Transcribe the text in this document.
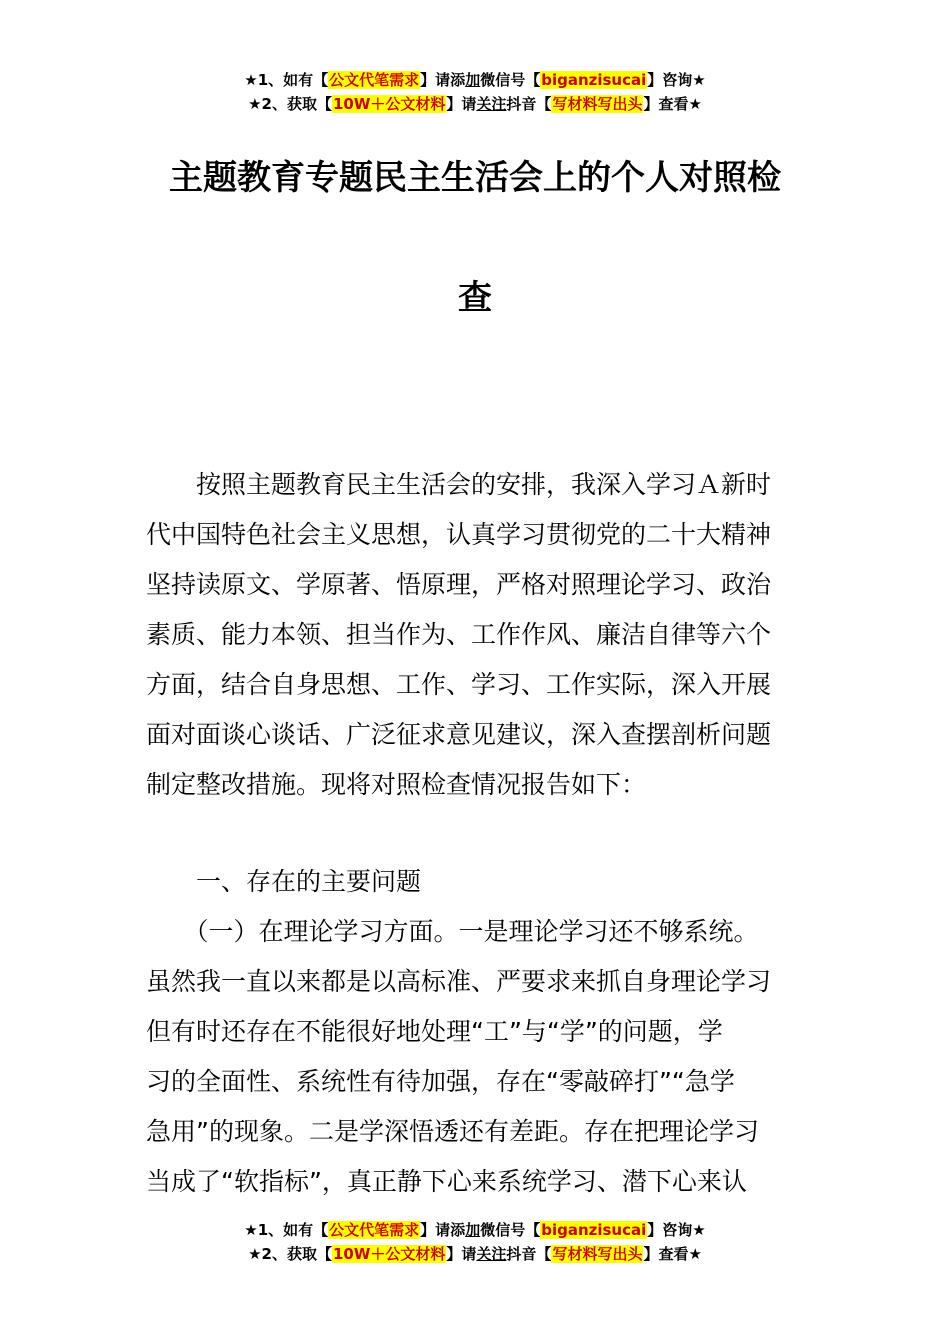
★1、如有【公文代笔需求】请添加微信号【biganzisucai】咨询★
★2、获取【10W＋公文材料】请关注抖音【写材料写出头】查看★
主题教育专题民主生活会上的个人对照检
查
　　按照主题教育民主生活会的安排，我深入学习Ａ新时
代中国特色社会主义思想，认真学习贯彻党的二十大精神
坚持读原文、学原著、悟原理，严格对照理论学习、政治
素质、能力本领、担当作为、工作作风、廉洁自律等六个
方面，结合自身思想、工作、学习、工作实际，深入开展
面对面谈心谈话、广泛征求意见建议，深入查摆剖析问题
制定整改措施。现将对照检查情况报告如下：
　　一、存在的主要问题
　　（一）在理论学习方面。一是理论学习还不够系统。
虽然我一直以来都是以高标准、严要求来抓自身理论学习
但有时还存在不能很好地处理“工”与“学”的问题，学
习的全面性、系统性有待加强，存在“零敲碎打”“急学
急用”的现象。二是学深悟透还有差距。存在把理论学习
当成了“软指标”，真正静下心来系统学习、潜下心来认
★1、如有【公文代笔需求】请添加微信号【biganzisucai】咨询★
★2、获取【10W＋公文材料】请关注抖音【写材料写出头】查看★
